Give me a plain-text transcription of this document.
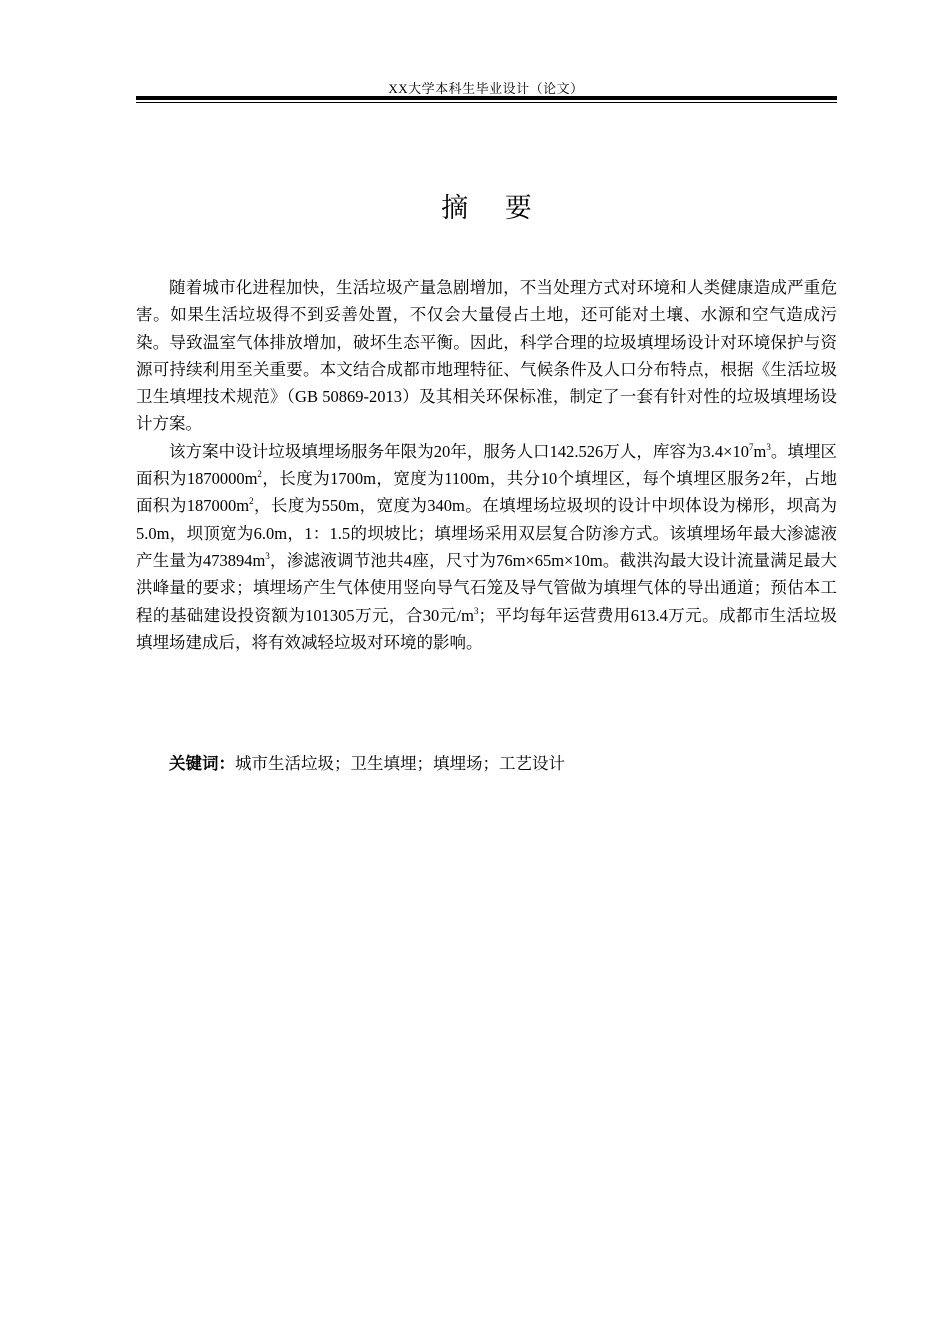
XX大学本科生毕业设计（论文）
摘 要

随着城市化进程加快，生活垃圾产量急剧增加，不当处理方式对环境和人类健康造成严重危害。如果生活垃圾得不到妥善处置，不仅会大量侵占土地，还可能对土壤、水源和空气造成污染。导致温室气体排放增加，破坏生态平衡。因此，科学合理的垃圾填埋场设计对环境保护与资源可持续利用至关重要。本文结合成都市地理特征、气候条件及人口分布特点，根据《生活垃圾卫生填埋技术规范》（GB 50869-2013）及其相关环保标准，制定了一套有针对性的垃圾填埋场设计方案。

该方案中设计垃圾填埋场服务年限为20年，服务人口142.526万人，库容为$3.4\times 10^7m^3$。填埋区面积为$1870000m^2$，长度为1700m，宽度为1100m，共分10个填埋区，每个填埋区服务2年，占地面积为$187000m^2$，长度为550m，宽度为340m。在填埋场垃圾坝的设计中坝体设为梯形，坝高为5.0m，坝顶宽为6.0m，1：1.5的坝坡比；填埋场采用双层复合防渗方式。该填埋场年最大渗滤液产生量为$473894m^3$，渗滤液调节池共4座，尺寸为76m×65m×10m。截洪沟最大设计流量满足最大洪峰量的要求；填埋场产生气体使用竖向导气石笼及导气管做为填埋气体的导出通道；预估本工程的基础建设投资额为101305万元，合30元$/m^3$；平均每年运营费用613.4万元。成都市生活垃圾填埋场建成后，将有效减轻垃圾对环境的影响。

关键词：城市生活垃圾；卫生填埋；填埋场；工艺设计
